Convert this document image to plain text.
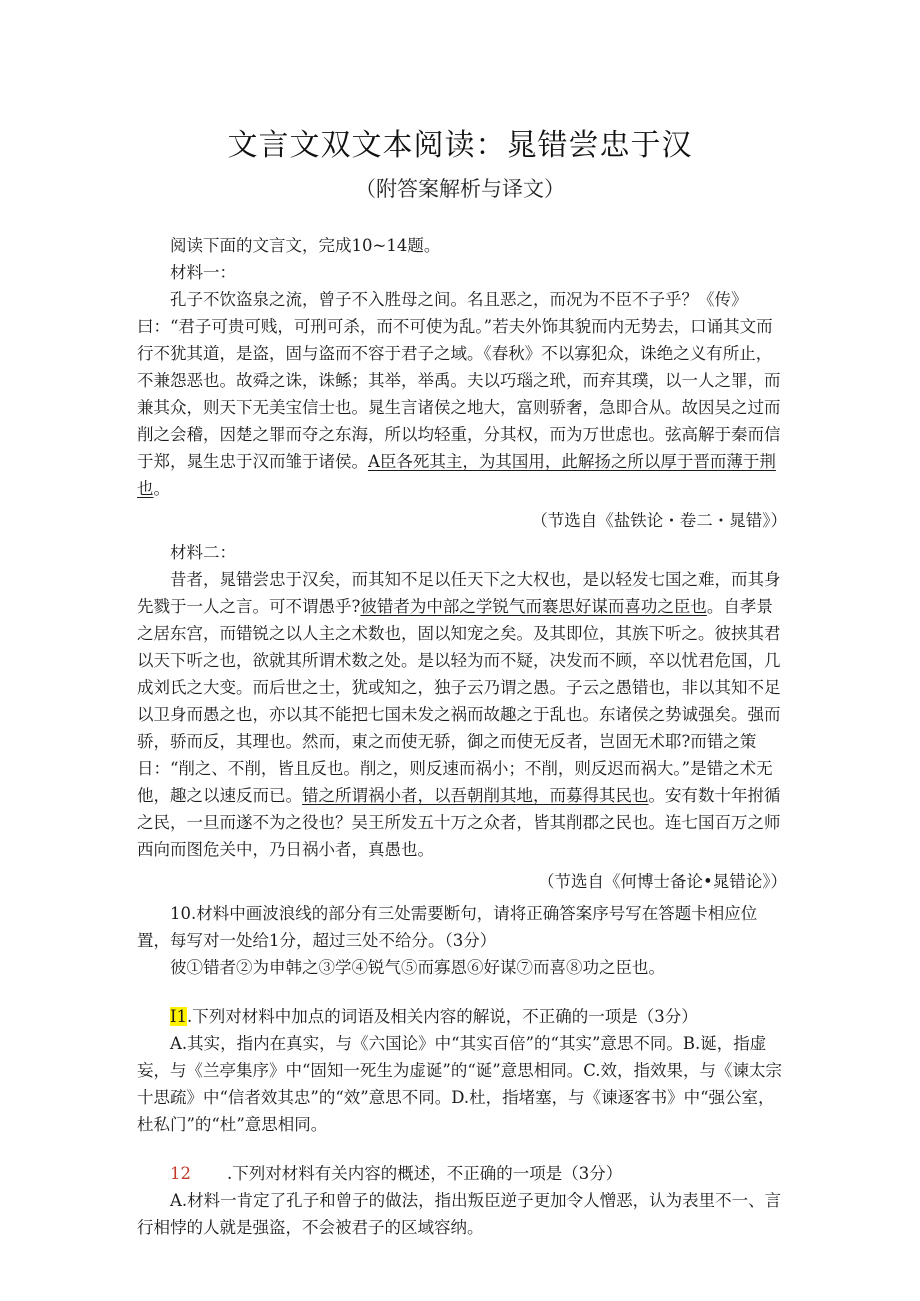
文言文双文本阅读：晁错尝忠于汉
（附答案解析与译文）

阅读下面的文言文，完成10~14题。

材料一：

孔子不饮盗泉之流，曾子不入胜母之间。名且恶之，而况为不臣不子乎？《传》曰：“君子可贵可贱，可刑可杀，而不可使为乱。”若夫外饰其貌而内无势去，口诵其文而行不犹其道，是盗，固与盗而不容于君子之域。《春秋》不以寡犯众，诛绝之义有所止，不兼怨恶也。故舜之诛，诛鲧；其举，举禹。夫以巧瑙之玳，而弃其璞，以一人之罪，而兼其众，则天下无美宝信士也。晁生言诸侯之地大，富则骄奢，急即合从。故因吴之过而削之会稽，因楚之罪而夺之东海，所以均轻重，分其权，而为万世虑也。弦高解于秦而信于郑，晁生忠于汉而雏于诸侯。A臣各死其主，为其国用，此解扬之所以厚于晋而薄于荆也。

（节选自《盐铁论・卷二・晁错》）

材料二：

昔者，晁错尝忠于汉矣，而其知不足以任天下之大权也，是以轻发七国之难，而其身先戮于一人之言。可不谓愚乎?彼错者为中部之学锐气而褰思好谋而喜功之臣也。自孝景之居东宫，而错锐之以人主之术数也，固以知宠之矣。及其即位，其族下听之。彼挟其君以天下听之也，欲就其所谓术数之处。是以轻为而不疑，决发而不顾，卒以忧君危国，几成刘氏之大变。而后世之士，犹或知之，独子云乃谓之愚。子云之愚错也，非以其知不足以卫身而愚之也，亦以其不能把七国未发之祸而故趣之于乱也。东诸侯之势诚强矣。强而骄，骄而反，其理也。然而，東之而使无骄，御之而使无反者，岂固无术耶?而错之策日：“削之、不削，皆且反也。削之，则反速而祸小；不削，则反迟而祸大。”是错之术无他，趣之以速反而已。错之所谓祸小者，以吾朝削其地，而募得其民也。安有数十年拊循之民，一旦而遂不为之役也？吴王所发五十万之众者，皆其削郡之民也。连七国百万之师西向而图危关中，乃日祸小者，真愚也。

（节选自《何博士备论•晁错论》）

10.材料中画波浪线的部分有三处需要断句，请将正确答案序号写在答题卡相应位置，每写对一处给1分，超过三处不给分。（3分）

彼①错者②为申韩之③学④锐气⑤而寡恩⑥好谋⑦而喜⑧功之臣也。

I1.下列对材料中加点的词语及相关内容的解说，不正确的一项是（3分）

A.其实，指内在真实，与《六国论》中“其实百倍”的“其实”意思不同。B.诞，指虚妄，与《兰亭集序》中“固知一死生为虚诞”的“诞”意思相同。C.效，指效果，与《谏太宗十思疏》中“信者效其忠”的“效”意思不同。D.杜，指堵塞，与《谏逐客书》中“强公室，杜私门”的“杜”意思相同。

12 .下列对材料有关内容的概述，不正确的一项是（3分）

A.材料一肯定了孔子和曾子的做法，指出叛臣逆子更加令人憎恶，认为表里不一、言行相悖的人就是强盗，不会被君子的区域容纳。
